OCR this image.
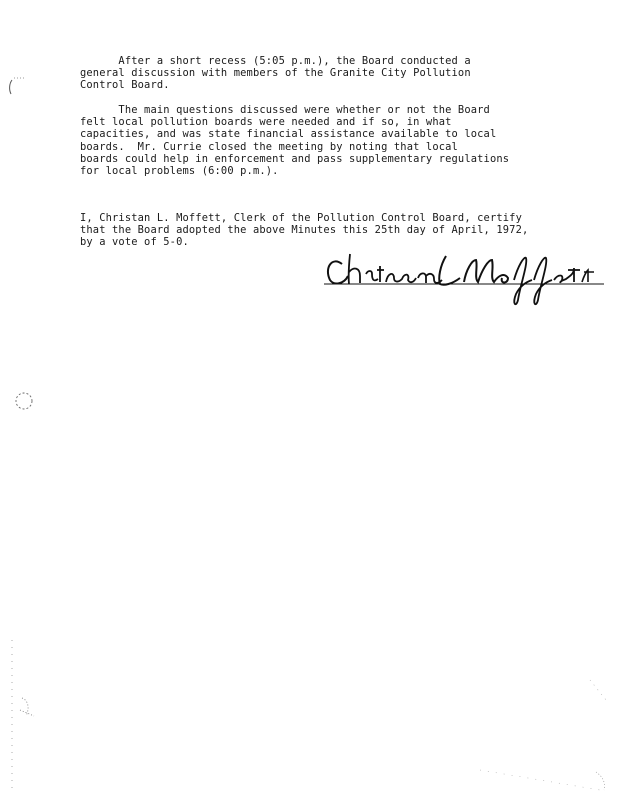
After a short recess (5:05 p.m.), the Board conducted a
general discussion with members of the Granite City Pollution
Control Board.

The main questions discussed were whether or not the Board
felt local pollution boards were needed and if so, in what
capacities, and was state financial assistance available to local
boards.  Mr. Currie closed the meeting by noting that local
boards could help in enforcement and pass supplementary regulations
for local problems (6:00 p.m.).

I, Christan L. Moffett, Clerk of the Pollution Control Board, certify
that the Board adopted the above Minutes this 25th day of April, 1972,
by a vote of 5-0.
